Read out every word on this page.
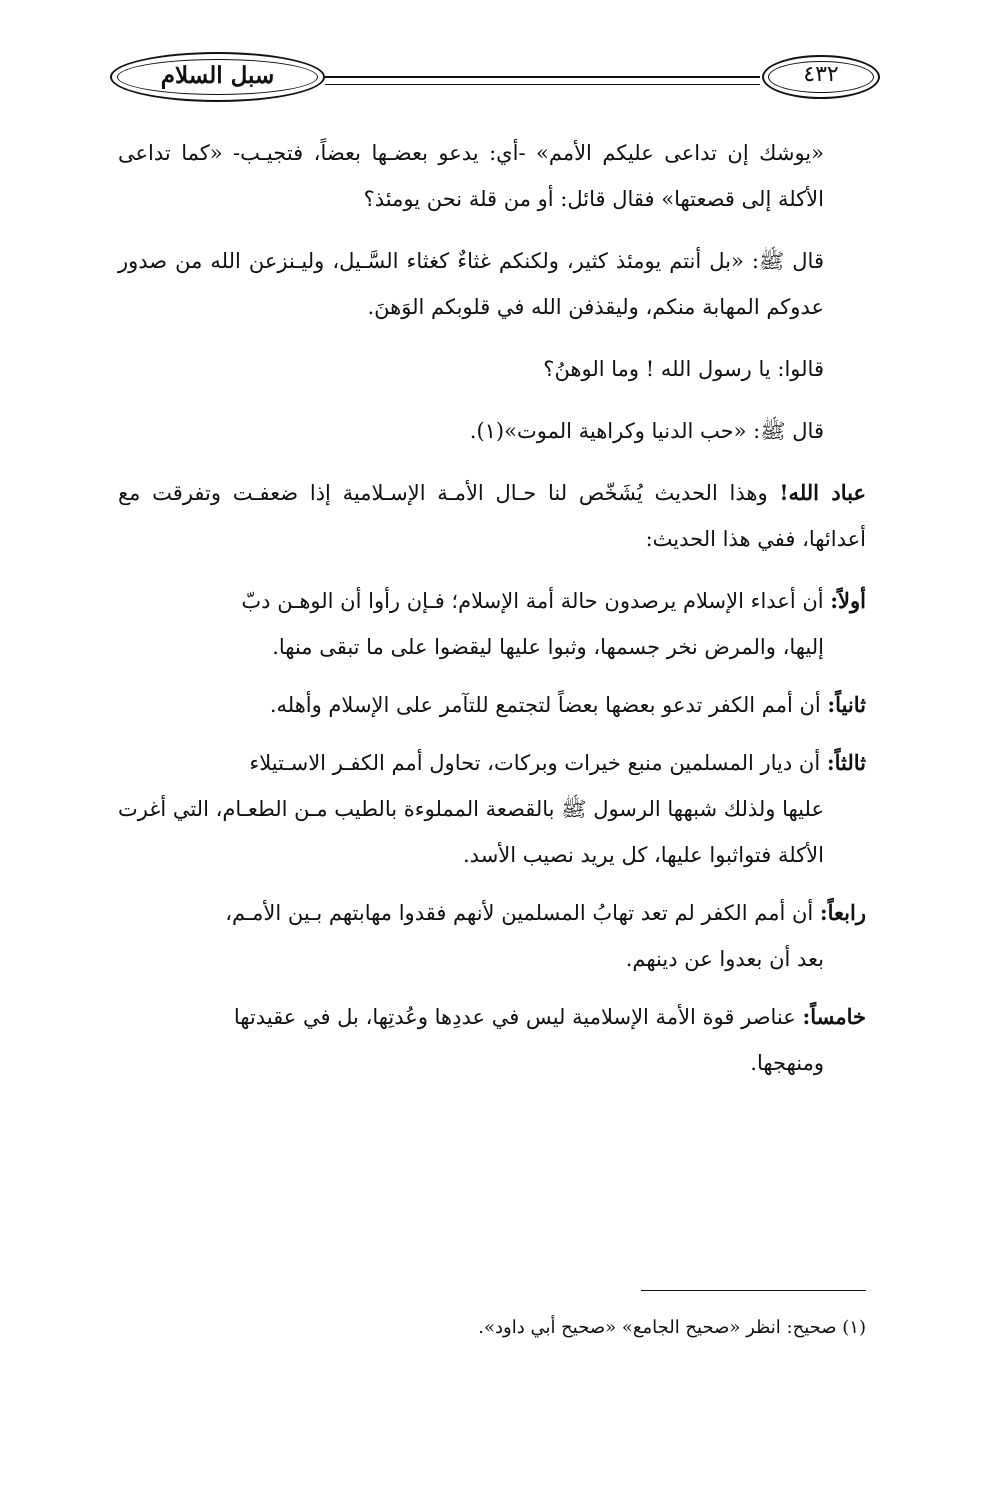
سبل السلام	٤٣٢

«يوشك إن تداعى عليكم الأمم» -أي: يدعو بعضـها بعضاً، فتجيـب- «كما تداعى الأكلة إلى قصعتها» فقال قائل: أو من قلة نحن يومئذ؟

قال ﷺ: «بل أنتم يومئذ كثير، ولكنكم غثاءٌ كغثاء السَّـيل، وليـنزعن الله من صدور عدوكم المهابة منكم، وليقذفن الله في قلوبكم الوَهنَ.

قالوا: يا رسول الله ! وما الوهنُ؟

قال ﷺ: «حب الدنيا وكراهية الموت»(١).

عباد الله! وهذا الحديث يُشَخّص لنا حـال الأمـة الإسـلامية إذا ضعفـت وتفرقت مع أعدائها، ففي هذا الحديث:

أولاً: أن أعداء الإسلام يرصدون حالة أمة الإسلام؛ فـإن رأوا أن الوهـن دبّ
إليها، والمرض نخر جسمها، وثبوا عليها ليقضوا على ما تبقى منها.
ثانياً: أن أمم الكفر تدعو بعضها بعضاً لتجتمع للتآمر على الإسلام وأهله.
ثالثاً: أن ديار المسلمين منبع خيرات وبركات، تحاول أمم الكفـر الاسـتيلاء
عليها ولذلك شبهها الرسول ﷺ بالقصعة المملوءة بالطيب مـن الطعـام، التي أغرت الأكلة فتواثبوا عليها، كل يريد نصيب الأسد.
رابعاً: أن أمم الكفر لم تعد تهابُ المسلمين لأنهم فقدوا مهابتهم بـين الأمـم،
بعد أن بعدوا عن دينهم.
خامساً: عناصر قوة الأمة الإسلامية ليس في عددِها وعُدتِها، بل في عقيدتها
ومنهجها.
(١) صحيح: انظر «صحيح الجامع» «صحيح أبي داود».
